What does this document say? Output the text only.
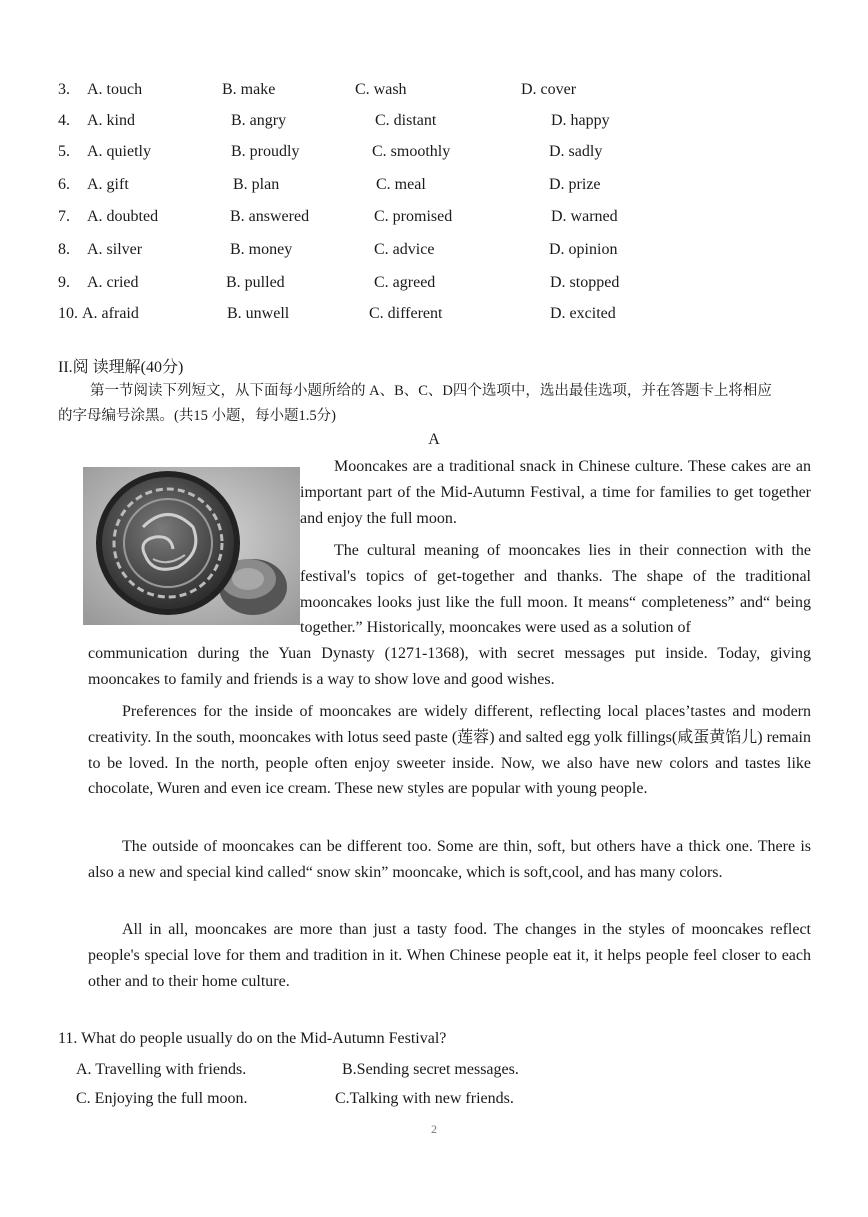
3. A. touch	B. make	C. wash	D. cover
4. A. kind	B. angry	C. distant	D. happy
5. A. quietly	B. proudly	C. smoothly	D. sadly
6. A. gift	B. plan	C. meal	D. prize
7. A. doubted	B. answered	C. promised	D. warned
8. A. silver	B. money	C. advice	D. opinion
9. A. cried	B. pulled	C. agreed	D. stopped
10. A. afraid	B. unwell	C. different	D. excited
II.阅 读理解(40分)
第一节阅读下列短文，从下面每小题所给的 A、B、C、D四个选项中，选出最佳选项，并在答题卡上将相应
的字母编号涂黑。(共15 小题，每小题1.5分)
A
Mooncakes are a traditional snack in Chinese culture. These cakes are an important part of the Mid-Autumn Festival, a time for families to get together and enjoy the full moon.
The cultural meaning of mooncakes lies in their connection with the festival's topics of get-together and thanks. The shape of the traditional mooncakes looks just like the full moon. It means“ completeness” and“ being together.” Historically, mooncakes were used as a solution of
communication during the Yuan Dynasty (1271-1368), with secret messages put inside. Today, giving mooncakes to family and friends is a way to show love and good wishes.
Preferences for the inside of mooncakes are widely different, reflecting local places’tastes and modern creativity. In the south, mooncakes with lotus seed paste (莲蓉) and salted egg yolk fillings(咸蛋黄馅儿) remain to be loved. In the north, people often enjoy sweeter inside. Now, we also have new colors and tastes like chocolate, Wuren and even ice cream. These new styles are popular with young people.
The outside of mooncakes can be different too. Some are thin, soft, but others have a thick one. There is also a new and special kind called“ snow skin” mooncake, which is soft,cool, and has many colors.
All in all, mooncakes are more than just a tasty food. The changes in the styles of mooncakes reflect people's special love for them and tradition in it. When Chinese people eat it, it helps people feel closer to each other and to their home culture.
11. What do people usually do on the Mid-Autumn Festival?
A. Travelling with friends.	B.Sending secret messages.
C. Enjoying the full moon.	C.Talking with new friends.
2
